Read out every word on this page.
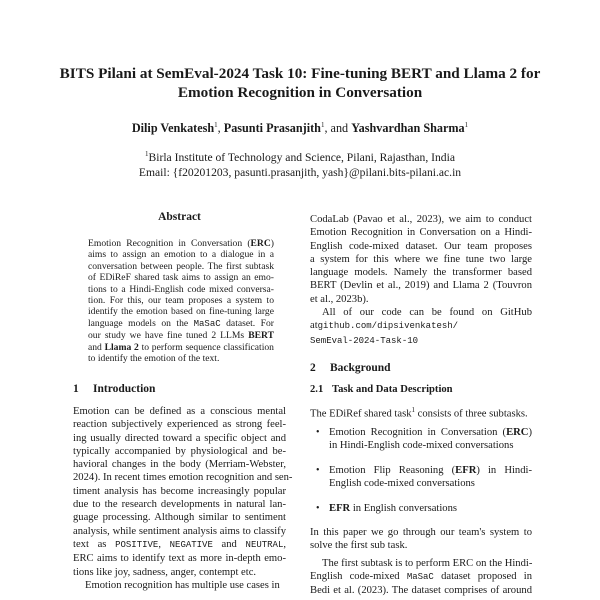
BITS Pilani at SemEval-2024 Task 10: Fine-tuning BERT and Llama 2 for
Emotion Recognition in Conversation
Dilip Venkatesh$^1$, Pasunti Prasanjith$^1$, and Yashvardhan Sharma$^1$
$^1$Birla Institute of Technology and Science, Pilani, Rajasthan, India
Email: {f20201203, pasunti.prasanjith, yash}@pilani.bits-pilani.ac.in
Abstract
Emotion Recognition in Conversation (ERC)
aims to assign an emotion to a dialogue in a
conversation between people. The first subtask
of EDiReF shared task aims to assign an emo-
tions to a Hindi-English code mixed conversa-
tion. For this, our team proposes a system to
identify the emotion based on fine-tuning large
language models on the MaSaC dataset. For
our study we have fine tuned 2 LLMs BERT
and Llama 2 to perform sequence classification
to identify the emotion of the text.
1 Introduction
Emotion can be defined as a conscious mental
reaction subjectively experienced as strong feel-
ing usually directed toward a specific object and
typically accompanied by physiological and be-
havioral changes in the body (Merriam-Webster,
2024). In recent times emotion recognition and sen-
timent analysis has become increasingly popular
due to the research developments in natural lan-
guage processing. Although similar to sentiment
analysis, while sentiment analysis aims to classify
text as POSITIVE, NEGATIVE and NEUTRAL,
ERC aims to identify text as more in-depth emo-
tions like joy, sadness, anger, contempt etc.
Emotion recognition has multiple use cases in
CodaLab (Pavao et al., 2023), we aim to conduct
Emotion Recognition in Conversation on a Hindi-
English code-mixed dataset. Our team proposes
a system for this where we fine tune two large
language models. Namely the transformer based
BERT (Devlin et al., 2019) and Llama 2 (Touvron
et al., 2023b).
All of our code can be found on GitHub
atgithub.com/dipsivenkatesh/
SemEval-2024-Task-10
2 Background
2.1 Task and Data Description
The EDiRef shared task$^1$ consists of three subtasks.
• Emotion Recognition in Conversation (ERC)
in Hindi-English code-mixed conversations
• Emotion Flip Reasoning (EFR) in Hindi-
English code-mixed conversations
• EFR in English conversations
In this paper we go through our team's system to
solve the first sub task.
The first subtask is to perform ERC on the Hindi-
English code-mixed MaSaC dataset proposed in
Bedi et al. (2023). The dataset comprises of around
